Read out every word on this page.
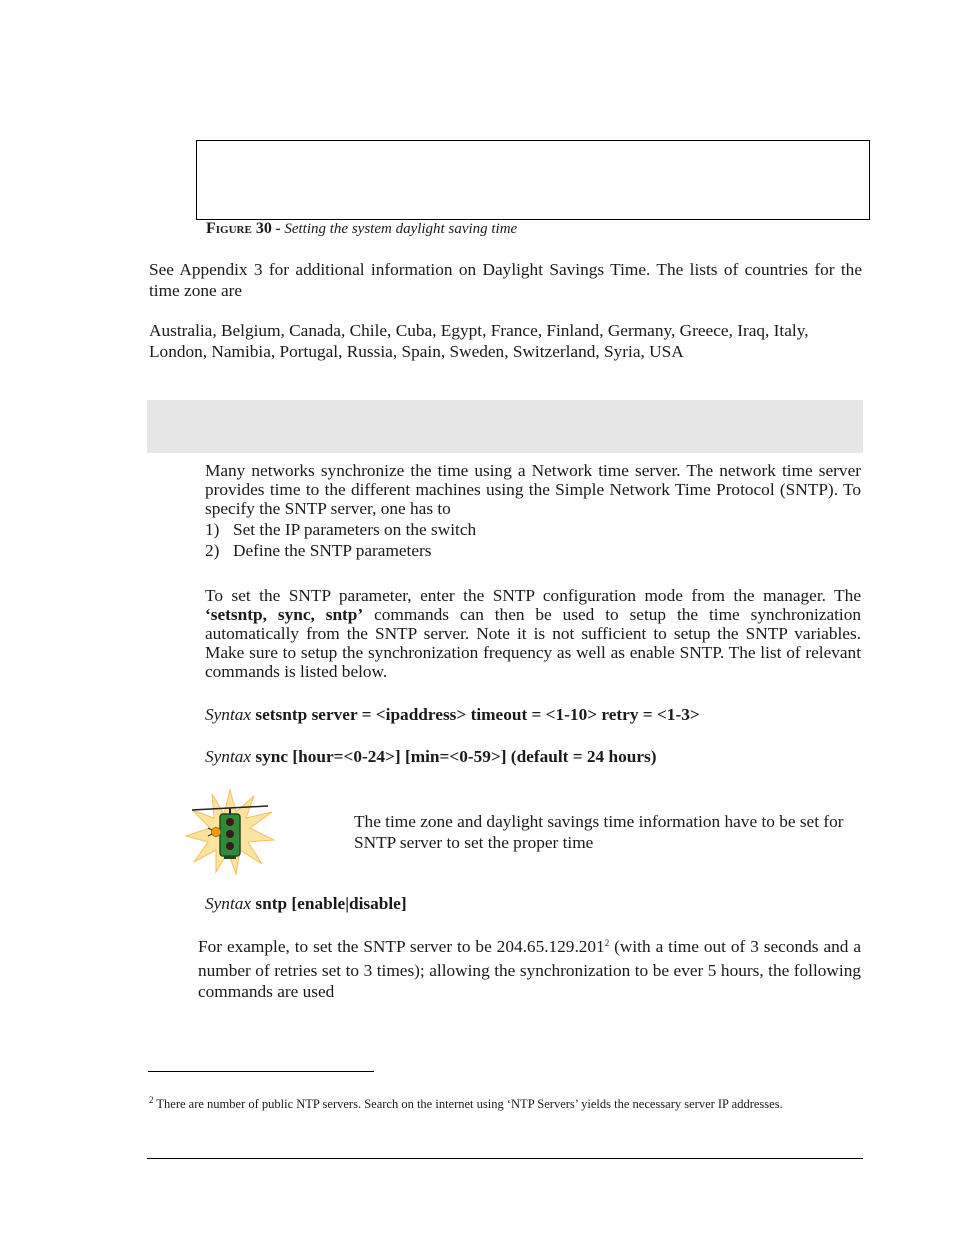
Figure 30 - Setting the system daylight saving time
See Appendix 3 for additional information on Daylight Savings Time. The lists of countries for the time zone are
Australia, Belgium, Canada, Chile, Cuba, Egypt, France, Finland, Germany, Greece, Iraq, Italy, London, Namibia, Portugal, Russia, Spain, Sweden, Switzerland, Syria, USA
Many networks synchronize the time using a Network time server. The network time server provides time to the different machines using the Simple Network Time Protocol (SNTP). To specify the SNTP server, one has to
1) Set the IP parameters on the switch
2) Define the SNTP parameters
To set the SNTP parameter, enter the SNTP configuration mode from the manager. The ‘setsntp, sync, sntp’ commands can then be used to setup the time synchronization automatically from the SNTP server. Note it is not sufficient to setup the SNTP variables. Make sure to setup the synchronization frequency as well as enable SNTP. The list of relevant commands is listed below.
Syntax setsntp server = <ipaddress> timeout = <1-10> retry = <1-3>
Syntax sync [hour=<0-24>] [min=<0-59>] (default = 24 hours)
The time zone and daylight savings time information have to be set for SNTP server to set the proper time
Syntax sntp [enable|disable]
For example, to set the SNTP server to be 204.65.129.201$^2$ (with a time out of 3 seconds and a number of retries set to 3 times); allowing the synchronization to be ever 5 hours, the following commands are used
$^2$ There are number of public NTP servers. Search on the internet using ‘NTP Servers’ yields the necessary server IP addresses.
